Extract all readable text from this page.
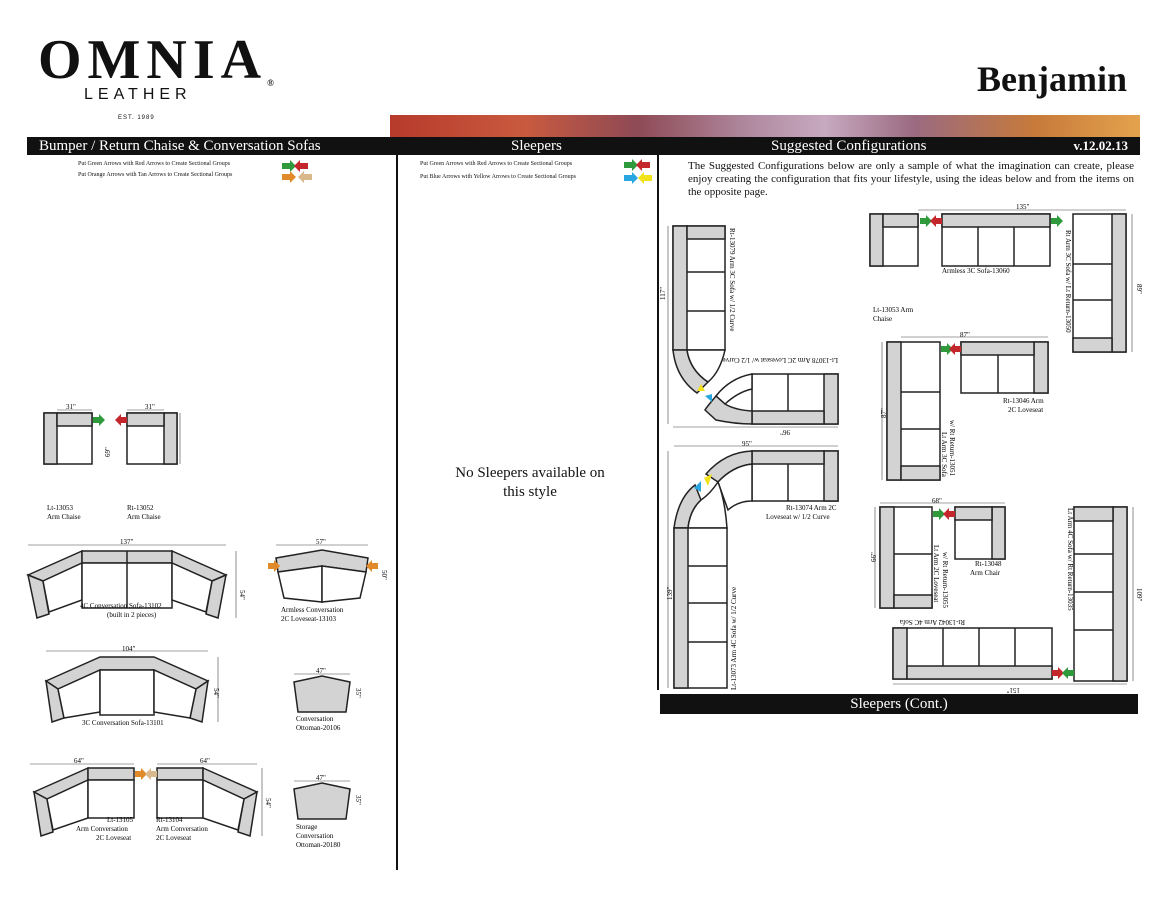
OMNIA®
LEATHER
EST. 1989
Benjamin
Bumper / Return Chaise & Conversation Sofas	Sleepers	Suggested Configurations	v.12.02.13
Put Green Arrows with Red Arrows to Create Sectional Groups
Put Orange Arrows with Tan Arrows to Create Sectional Groups
Put Green Arrows with Red Arrows to Create Sectional Groups
Put Blue Arrows with Yellow Arrows to Create Sectional Groups
The Suggested Configurations below are only a sample of what the imagination can create, please enjoy creating the configuration that fits your lifestyle, using the ideas below and from the items on the opposite page.
No Sleepers available on this style
31"	31"
69"
Lt-13053
Arm Chaise
Rt-13052
Arm Chaise
137"
54"
4C Conversation Sofa-13102
(built in 2 pieces)
57"
50"
Armless Conversation
2C Loveseat-13103
104"
54"
3C Conversation Sofa-13101
47"
35"
Conversation
Ottoman-20106
64"	64"
54"
Lt-13105
Arm Conversation
2C Loveseat
Rt-13104
Arm Conversation
2C Loveseat
47"
35"
Storage
Conversation
Ottoman-20180
117"
96"
Rt-13079 Arm 3C Sofa w/ 1/2 Curve
Lt-13078 Arm 2C Loveseat w/ 1/2 Curve
95"
139"
Rt-13074 Arm 2C
Loveseat w/ 1/2 Curve
Lt-13073 Arm 4C Sofa w/ 1/2 Curve
135"
89"
Armless 3C Sofa-13060
Lt-13053 Arm
Chaise	Rt Arm 3C Sofa w/ Lt Return-13050
87"
87"
Rt-13046 Arm
2C Loveseat
Lt Arm 3C Sofa w/ Rt Return-13051
68"
66"
Rt-13048
Arm Chair
Lt Arm 2C Loveseat w/ Rt Return-13055
151"
109"
Rt-13042 Arm 4C Sofa
Lt Arm 4C Sofa w/ Rt Return-13035
Sleepers (Cont.)
